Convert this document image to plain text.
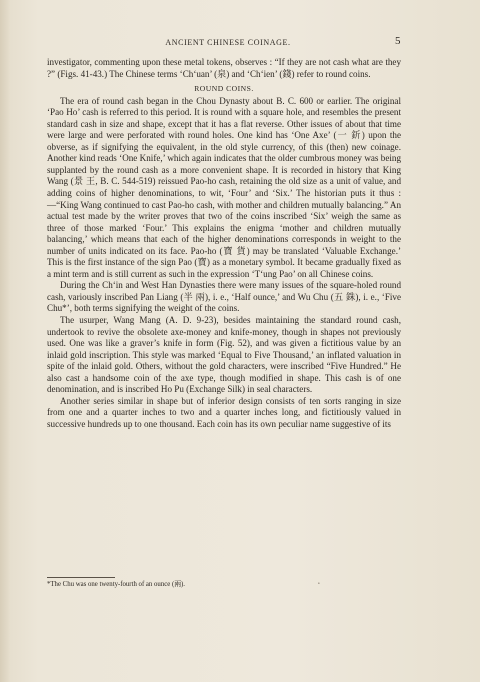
ANCIENT CHINESE COINAGE.	5

investigator, commenting upon these metal tokens, observes : “If they are not cash what are they ?” (Figs. 41-43.) The Chinese terms ‘Ch‘uan’ (泉) and ‘Ch‘ien’ (錢) refer to round coins.

ROUND COINS.

The era of round cash began in the Chou Dynasty about B. C. 600 or earlier. The original ‘Pao Ho’ cash is referred to this period. It is round with a square hole, and resembles the present standard cash in size and shape, except that it has a flat reverse. Other issues of about that time were large and were perforated with round holes. One kind has ‘One Axe’ (一 釿) upon the obverse, as if signifying the equivalent, in the old style currency, of this (then) new coinage. Another kind reads ‘One Knife,’ which again indicates that the older cumbrous money was being supplanted by the round cash as a more convenient shape. It is recorded in history that King Wang (景 王, B. C. 544-519) reissued Pao-ho cash, retaining the old size as a unit of value, and adding coins of higher denominations, to wit, ‘Four’ and ‘Six.’ The historian puts it thus :—“King Wang continued to cast Pao-ho cash, with mother and children mutually balancing.” An actual test made by the writer proves that two of the coins inscribed ‘Six’ weigh the same as three of those marked ‘Four.’ This explains the enigma ‘mother and children mutually balancing,’ which means that each of the higher denominations corresponds in weight to the number of units indicated on its face. Pao-ho (寶 貨) may be translated ‘Valuable Exchange.’ This is the first instance of the sign Pao (寶) as a monetary symbol. It became gradually fixed as a mint term and is still current as such in the expression ‘T‘ung Pao’ on all Chinese coins.

During the Ch‘in and West Han Dynasties there were many issues of the square-holed round cash, variously inscribed Pan Liang (半 兩), i. e., ‘Half ounce,’ and Wu Chu (五 銖), i. e., ‘Five Chu*’, both terms signifying the weight of the coins.

The usurper, Wang Mang (A. D. 9-23), besides maintaining the standard round cash, undertook to revive the obsolete axe-money and knife-money, though in shapes not previously used. One was like a graver’s knife in form (Fig. 52), and was given a fictitious value by an inlaid gold inscription. This style was marked ‘Equal to Five Thousand,’ an inflated valuation in spite of the inlaid gold. Others, without the gold characters, were inscribed “Five Hundred.” He also cast a handsome coin of the axe type, though modified in shape. This cash is of one denomination, and is inscribed Ho Pu (Exchange Silk) in seal characters.

Another series similar in shape but of inferior design consists of ten sorts ranging in size from one and a quarter inches to two and a quarter inches long, and fictitiously valued in successive hundreds up to one thousand. Each coin has its own peculiar name suggestive of its

*The Chu was one twenty-fourth of an ounce (兩).	•
